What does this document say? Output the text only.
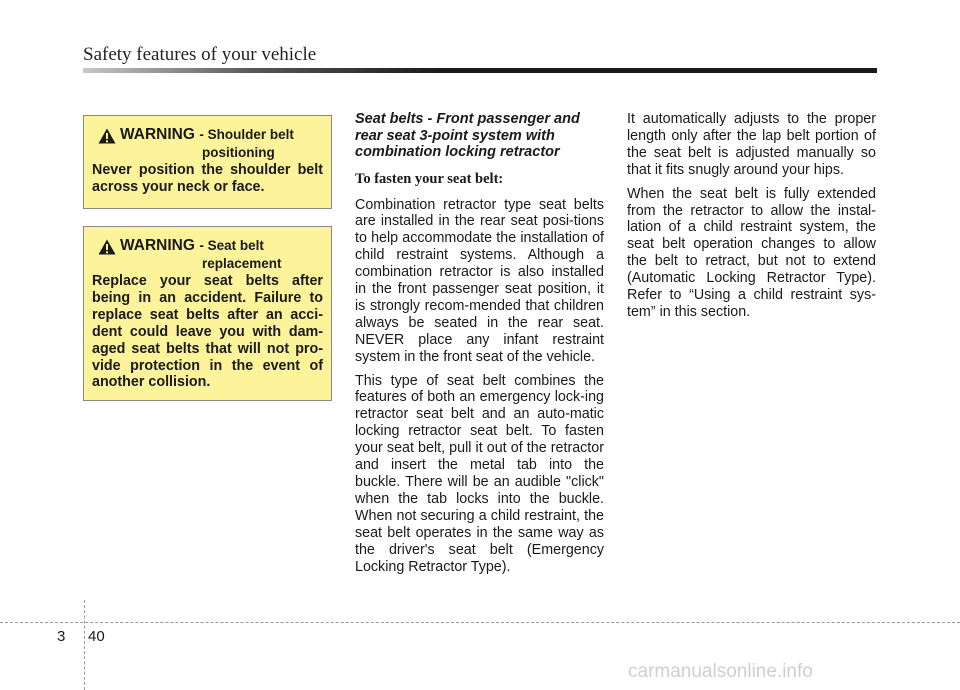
Safety features of your vehicle
WARNING - Shoulder belt
positioning

Never position the shoulder belt across your neck or face.

WARNING - Seat belt
replacement

Replace your seat belts after being in an accident. Failure to replace seat belts after an acci-dent could leave you with dam-aged seat belts that will not pro-vide protection in the event of another collision.

Seat belts - Front passenger and rear seat 3-point system with combination locking retractor
To fasten your seat belt:

Combination retractor type seat belts are installed in the rear seat posi-tions to help accommodate the installation of child restraint systems. Although a combination retractor is also installed in the front passenger seat position, it is strongly recom-mended that children always be seated in the rear seat. NEVER place any infant restraint system in the front seat of the vehicle.

This type of seat belt combines the features of both an emergency lock-ing retractor seat belt and an auto-matic locking retractor seat belt. To fasten your seat belt, pull it out of the retractor and insert the metal tab into the buckle. There will be an audible "click" when the tab locks into the buckle. When not securing a child restraint, the seat belt operates in the same way as the driver's seat belt (Emergency Locking Retractor Type).

It automatically adjusts to the proper length only after the lap belt portion of the seat belt is adjusted manually so that it fits snugly around your hips.

When the seat belt is fully extended from the retractor to allow the instal-lation of a child restraint system, the seat belt operation changes to allow the belt to retract, but not to extend (Automatic Locking Retractor Type). Refer to “Using a child restraint sys-tem” in this section.

3 40
carmanualsonline.info
